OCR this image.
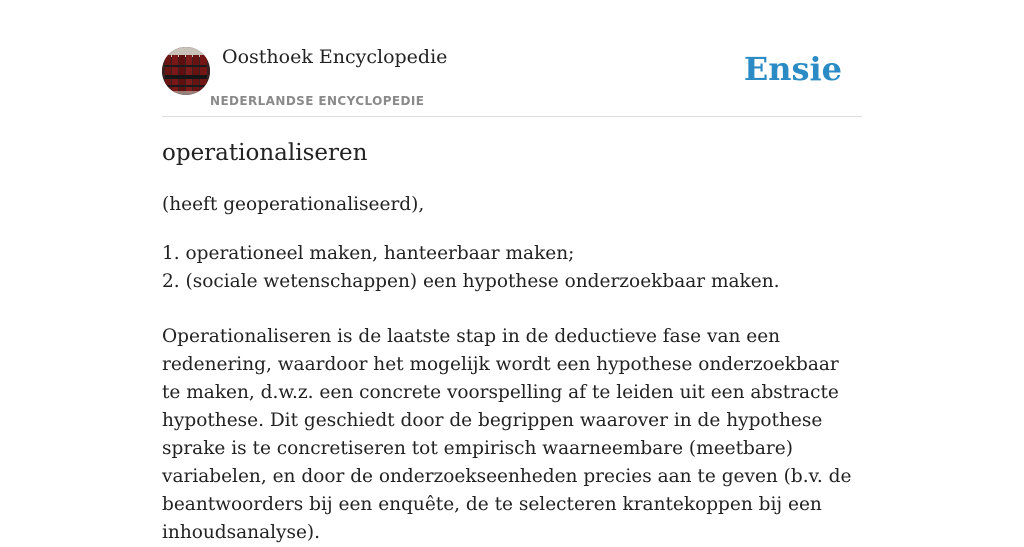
Oosthoek Encyclopedie
NEDERLANDSE ENCYCLOPEDIE
Ensie
operationaliseren

(heeft geoperationaliseerd),

1. operationeel maken, hanteerbaar maken;
2. (sociale wetenschappen) een hypothese onderzoekbaar maken.

Operationaliseren is de laatste stap in de deductieve fase van een redenering, waardoor het mogelijk wordt een hypothese onderzoekbaar te maken, d.w.z. een concrete voorspelling af te leiden uit een abstracte hypothese. Dit geschiedt door de begrippen waarover in de hypothese sprake is te concretiseren tot empirisch waarneembare (meetbare) variabelen, en door de onderzoekseenheden precies aan te geven (b.v. de beantwoorders bij een enquête, de te selecteren krantekoppen bij een inhoudsanalyse).
